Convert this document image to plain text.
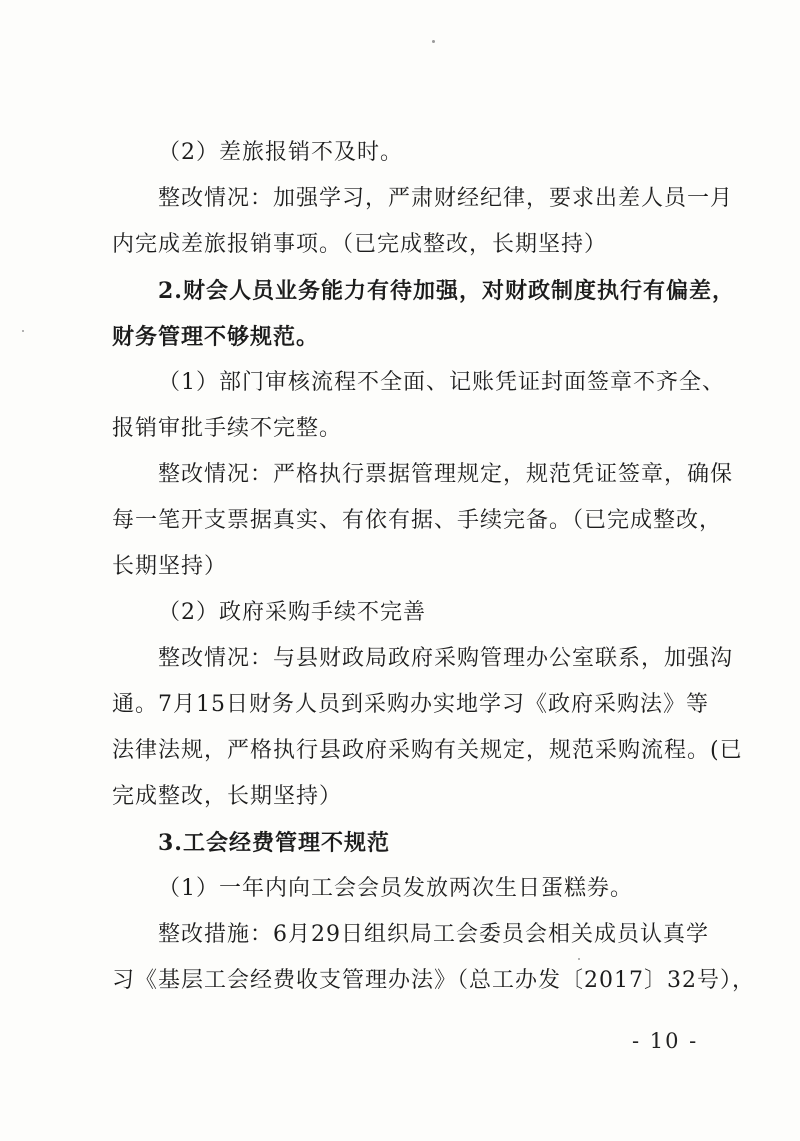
（2）差旅报销不及时。
整改情况：加强学习，严肃财经纪律，要求出差人员一月
内完成差旅报销事项。（已完成整改，长期坚持）
2.财会人员业务能力有待加强，对财政制度执行有偏差，
财务管理不够规范。
（1）部门审核流程不全面、记账凭证封面签章不齐全、
报销审批手续不完整。
整改情况：严格执行票据管理规定，规范凭证签章，确保
每一笔开支票据真实、有依有据、手续完备。（已完成整改，
长期坚持）
（2）政府采购手续不完善
整改情况：与县财政局政府采购管理办公室联系，加强沟
通。7月15日财务人员到采购办实地学习《政府采购法》等
法律法规，严格执行县政府采购有关规定，规范采购流程。(已
完成整改，长期坚持）
3.工会经费管理不规范
（1）一年内向工会会员发放两次生日蛋糕券。
整改措施：6月29日组织局工会委员会相关成员认真学
习《基层工会经费收支管理办法》（总工办发〔2017〕32号），
- 10 -
